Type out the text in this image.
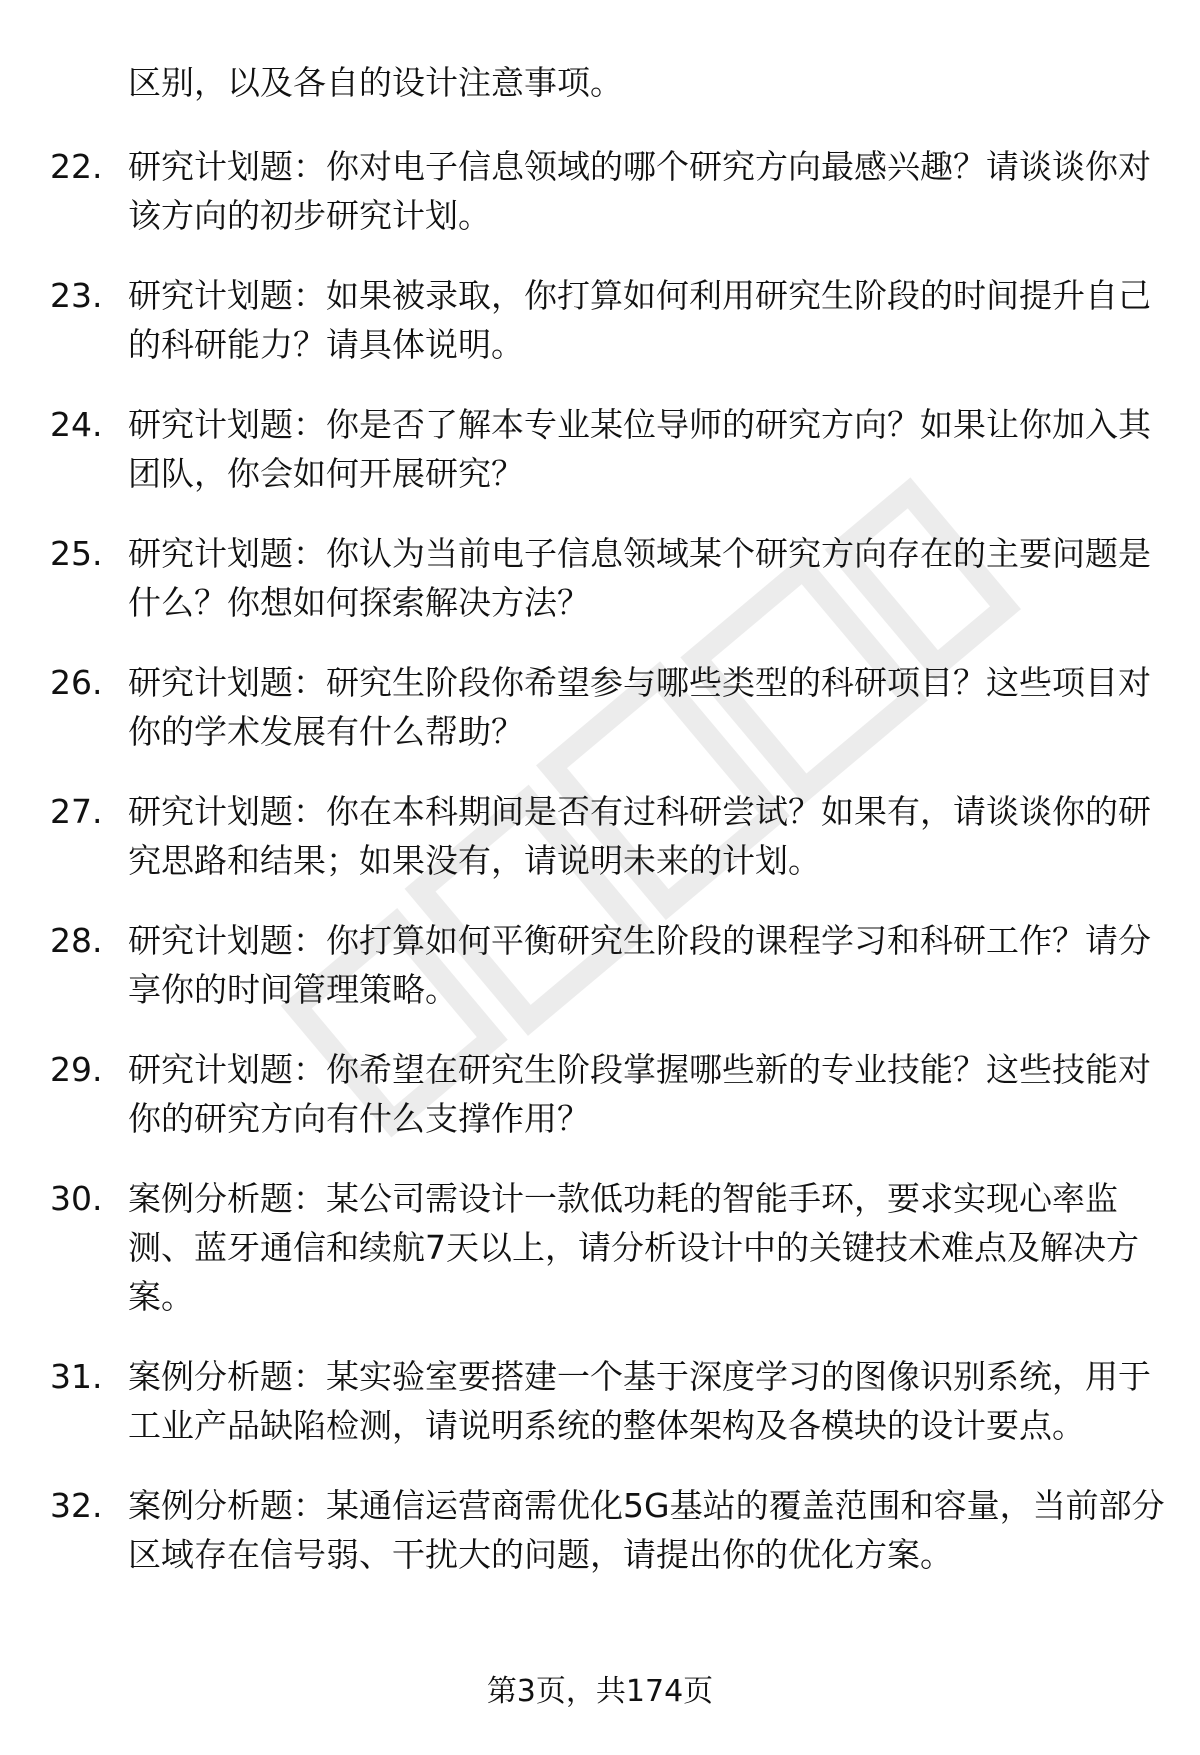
区别，以及各自的设计注意事项。

22. 研究计划题：你对电子信息领域的哪个研究方向最感兴趣？请谈谈你对该方向的初步研究计划。
23. 研究计划题：如果被录取，你打算如何利用研究生阶段的时间提升自己的科研能力？请具体说明。
24. 研究计划题：你是否了解本专业某位导师的研究方向？如果让你加入其团队，你会如何开展研究？
25. 研究计划题：你认为当前电子信息领域某个研究方向存在的主要问题是什么？你想如何探索解决方法？
26. 研究计划题：研究生阶段你希望参与哪些类型的科研项目？这些项目对你的学术发展有什么帮助？
27. 研究计划题：你在本科期间是否有过科研尝试？如果有，请谈谈你的研究思路和结果；如果没有，请说明未来的计划。
28. 研究计划题：你打算如何平衡研究生阶段的课程学习和科研工作？请分享你的时间管理策略。
29. 研究计划题：你希望在研究生阶段掌握哪些新的专业技能？这些技能对你的研究方向有什么支撑作用？
30. 案例分析题：某公司需设计一款低功耗的智能手环，要求实现心率监测、蓝牙通信和续航7天以上，请分析设计中的关键技术难点及解决方案。
31. 案例分析题：某实验室要搭建一个基于深度学习的图像识别系统，用于工业产品缺陷检测，请说明系统的整体架构及各模块的设计要点。
32. 案例分析题：某通信运营商需优化5G基站的覆盖范围和容量，当前部分区域存在信号弱、干扰大的问题，请提出你的优化方案。
第3页，共174页
